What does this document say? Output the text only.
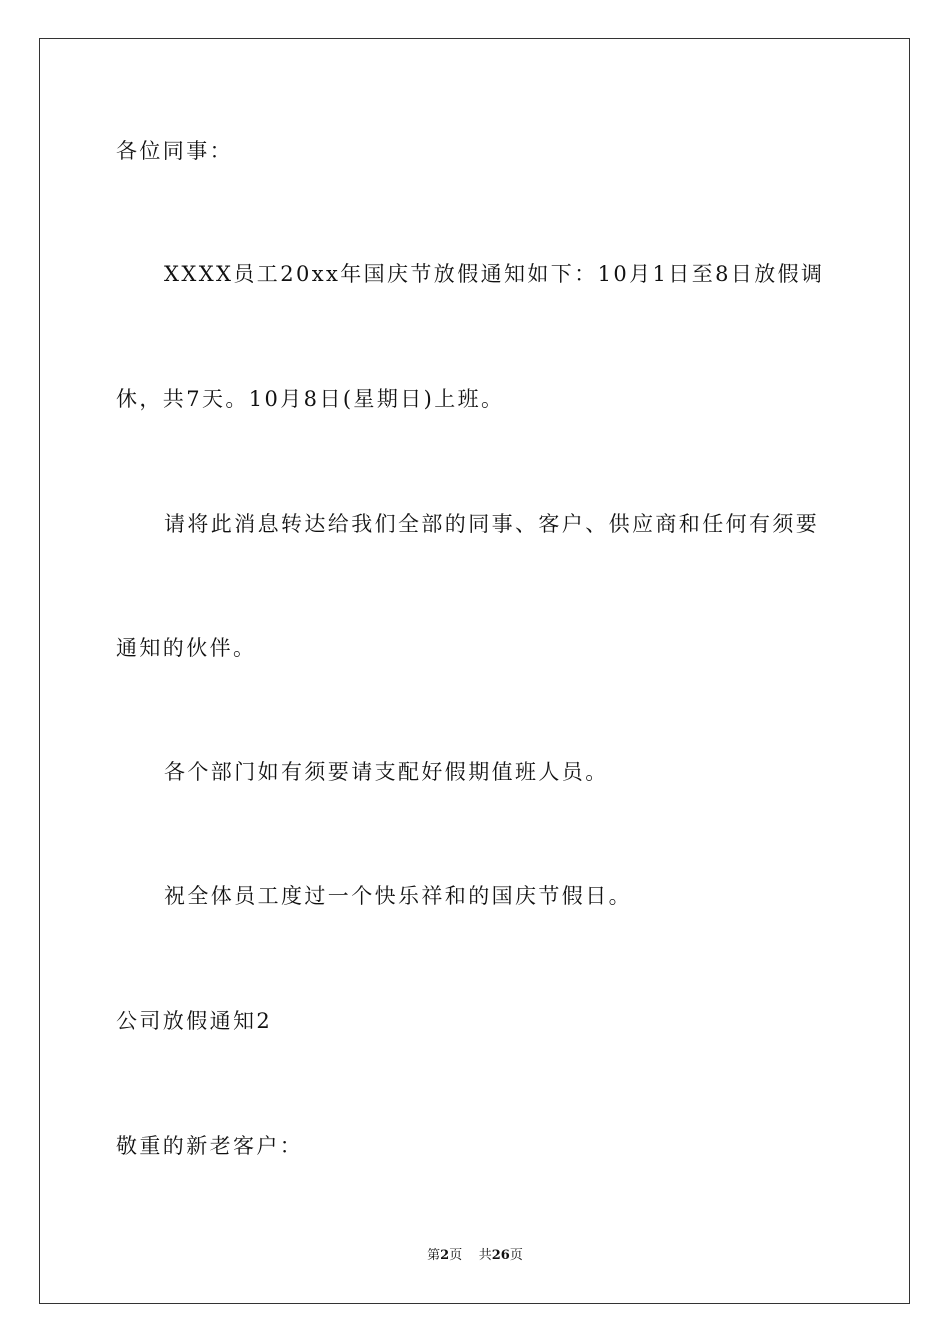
各位同事：
XXXX员工20xx年国庆节放假通知如下：10月1日至8日放假调
休，共7天。10月8日(星期日)上班。
请将此消息转达给我们全部的同事、客户、供应商和任何有须要
通知的伙伴。
各个部门如有须要请支配好假期值班人员。
祝全体员工度过一个快乐祥和的国庆节假日。
公司放假通知2
敬重的新老客户：
第2页 共26页
